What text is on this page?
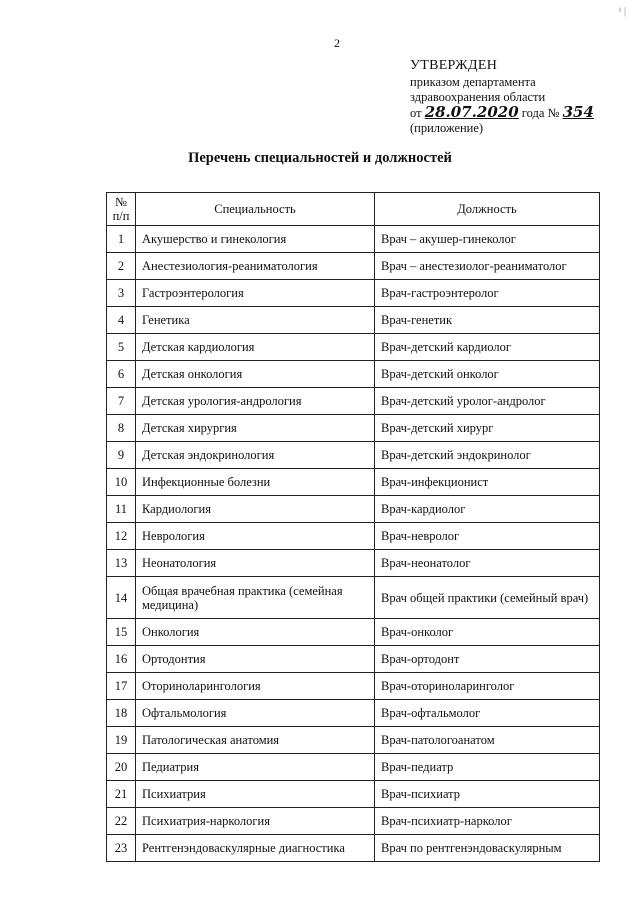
¹ |
2
УТВЕРЖДЕН
приказом департамента
здравоохранения области
от 28.07.2020 года № 354
(приложение)
Перечень специальностей и должностей
№ п/п	Специальность	Должность
1	Акушерство и гинекология	Врач – акушер-гинеколог
2	Анестезиология-реаниматология	Врач – анестезиолог-реаниматолог
3	Гастроэнтерология	Врач-гастроэнтеролог
4	Генетика	Врач-генетик
5	Детская кардиология	Врач-детский кардиолог
6	Детская онкология	Врач-детский онколог
7	Детская урология-андрология	Врач-детский уролог-андролог
8	Детская хирургия	Врач-детский хирург
9	Детская эндокринология	Врач-детский эндокринолог
10	Инфекционные болезни	Врач-инфекционист
11	Кардиология	Врач-кардиолог
12	Неврология	Врач-невролог
13	Неонатология	Врач-неонатолог
14	Общая врачебная практика (семейная медицина)	Врач общей практики (семейный врач)
15	Онкология	Врач-онколог
16	Ортодонтия	Врач-ортодонт
17	Оториноларингология	Врач-оториноларинголог
18	Офтальмология	Врач-офтальмолог
19	Патологическая анатомия	Врач-патологоанатом
20	Педиатрия	Врач-педиатр
21	Психиатрия	Врач-психиатр
22	Психиатрия-наркология	Врач-психиатр-нарколог
23	Рентгенэндоваскулярные диагностика	Врач по рентгенэндоваскулярным
